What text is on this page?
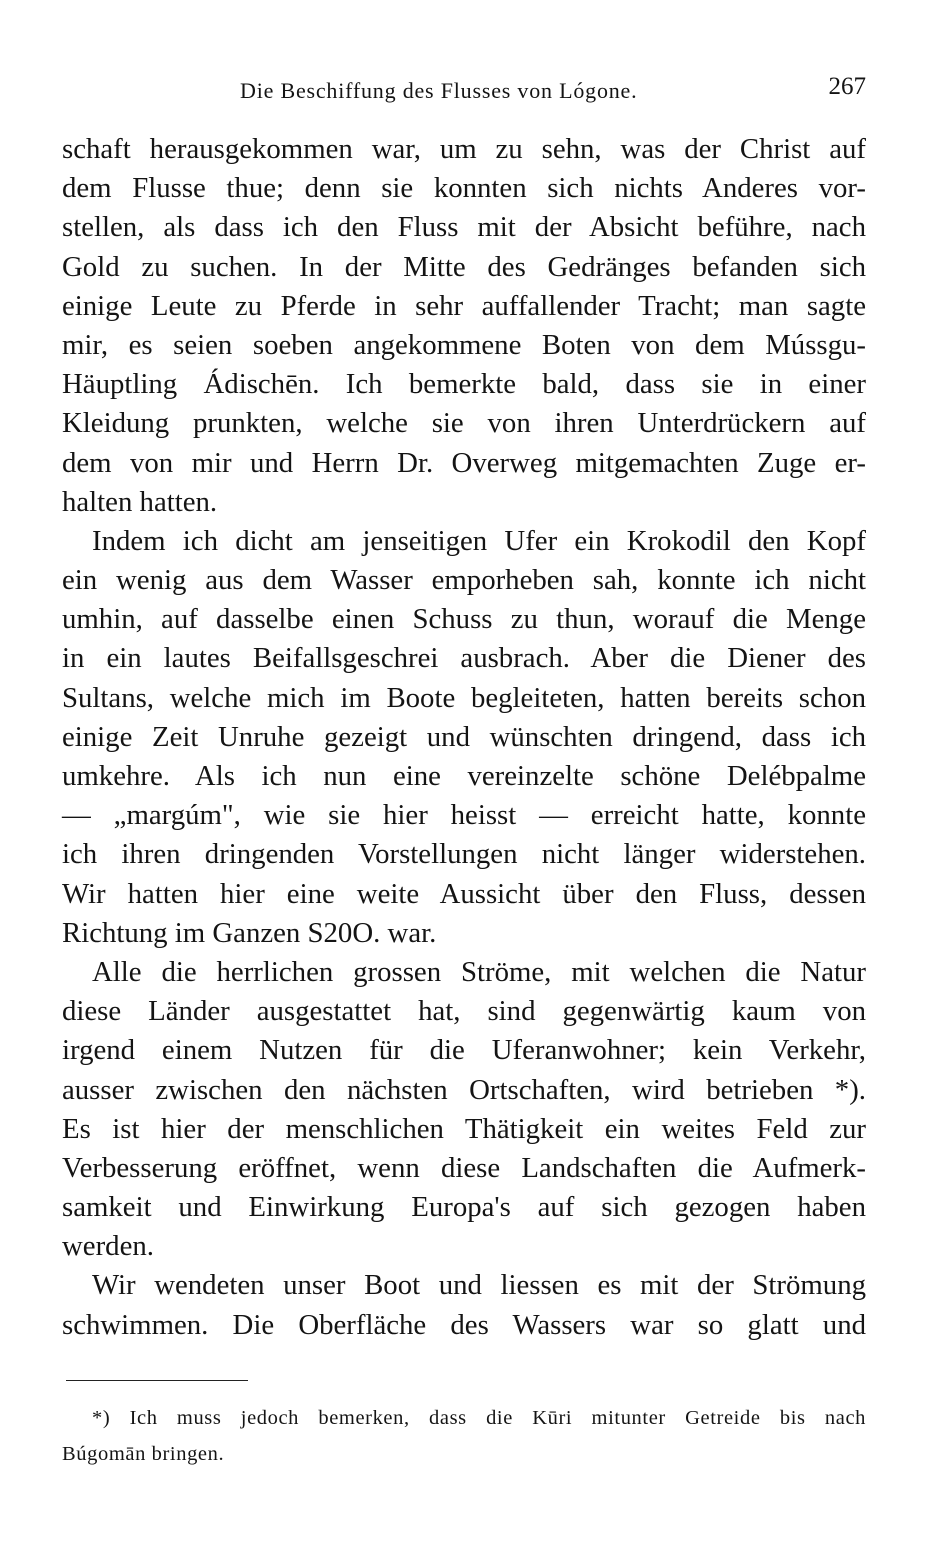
Die Beschiffung des Flusses von Lógone.	267

schaft herausgekommen war, um zu sehn, was der Christ auf
dem Flusse thue; denn sie konnten sich nichts Anderes vor-
stellen, als dass ich den Fluss mit der Absicht beführe, nach
Gold zu suchen. In der Mitte des Gedränges befanden sich
einige Leute zu Pferde in sehr auffallender Tracht; man sagte
mir, es seien soeben angekommene Boten von dem Mússgu-
Häuptling Ádischēn. Ich bemerkte bald, dass sie in einer
Kleidung prunkten, welche sie von ihren Unterdrückern auf
dem von mir und Herrn Dr. Overweg mitgemachten Zuge er-
halten hatten.

Indem ich dicht am jenseitigen Ufer ein Krokodil den Kopf
ein wenig aus dem Wasser emporheben sah, konnte ich nicht
umhin, auf dasselbe einen Schuss zu thun, worauf die Menge
in ein lautes Beifallsgeschrei ausbrach. Aber die Diener des
Sultans, welche mich im Boote begleiteten, hatten bereits schon
einige Zeit Unruhe gezeigt und wünschten dringend, dass ich
umkehre. Als ich nun eine vereinzelte schöne Delébpalme
— „margúm", wie sie hier heisst — erreicht hatte, konnte
ich ihren dringenden Vorstellungen nicht länger widerstehen.
Wir hatten hier eine weite Aussicht über den Fluss, dessen
Richtung im Ganzen S20O. war.

Alle die herrlichen grossen Ströme, mit welchen die Natur
diese Länder ausgestattet hat, sind gegenwärtig kaum von
irgend einem Nutzen für die Uferanwohner; kein Verkehr,
ausser zwischen den nächsten Ortschaften, wird betrieben *).
Es ist hier der menschlichen Thätigkeit ein weites Feld zur
Verbesserung eröffnet, wenn diese Landschaften die Aufmerk-
samkeit und Einwirkung Europa's auf sich gezogen haben
werden.

Wir wendeten unser Boot und liessen es mit der Strömung
schwimmen. Die Oberfläche des Wassers war so glatt und

*) Ich muss jedoch bemerken, dass die Kūri mitunter Getreide bis nach
Búgomān bringen.
